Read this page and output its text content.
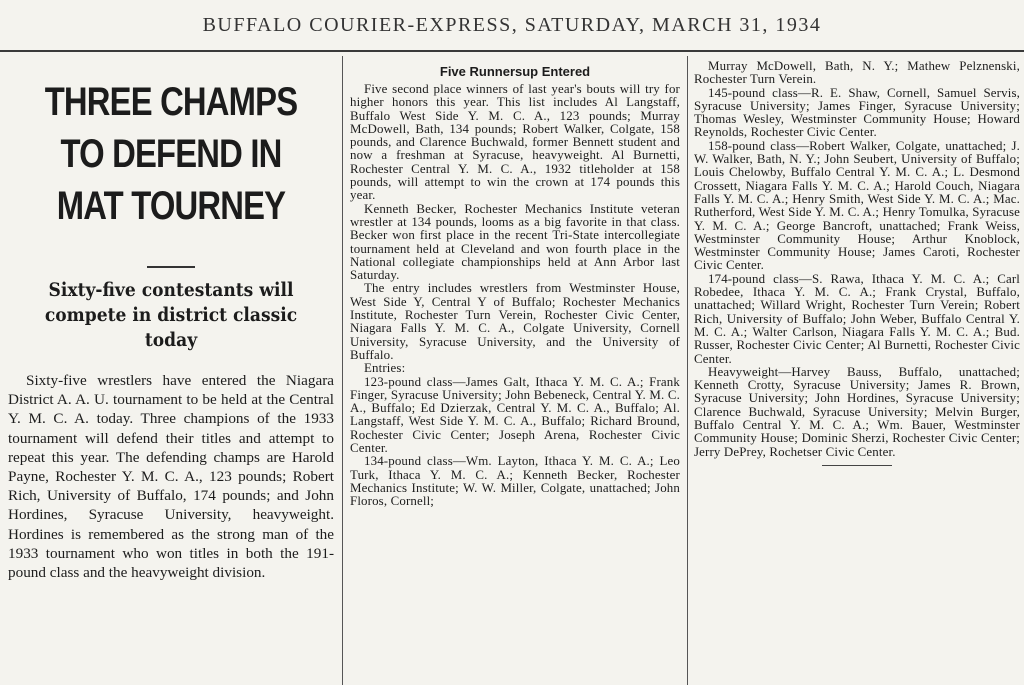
BUFFALO COURIER-EXPRESS, SATURDAY, MARCH 31, 1934
THREE CHAMPS
TO DEFEND IN
MAT TOURNEY
Sixty-five contestants will compete in district classic today

Sixty-five wrestlers have entered the Niagara District A. A. U. tournament to be held at the Central Y. M. C. A. today. Three champions of the 1933 tournament will defend their titles and attempt to repeat this year. The defending champs are Harold Payne, Rochester Y. M. C. A., 123 pounds; Robert Rich, University of Buffalo, 174 pounds; and John Hordines, Syracuse University, heavyweight. Hordines is remembered as the strong man of the 1933 tournament who won titles in both the 191-pound class and the heavyweight division.

Five Runnersup Entered

Five second place winners of last year's bouts will try for higher honors this year. This list includes Al Langstaff, Buffalo West Side Y. M. C. A., 123 pounds; Murray McDowell, Bath, 134 pounds; Robert Walker, Colgate, 158 pounds, and Clarence Buchwald, former Bennett student and now a freshman at Syracuse, heavyweight. Al Burnetti, Rochester Central Y. M. C. A., 1932 titleholder at 158 pounds, will attempt to win the crown at 174 pounds this year.

Kenneth Becker, Rochester Mechanics Institute veteran wrestler at 134 pounds, looms as a big favorite in that class. Becker won first place in the recent Tri-State intercollegiate tournament held at Cleveland and won fourth place in the National collegiate championships held at Ann Arbor last Saturday.

The entry includes wrestlers from Westminster House, West Side Y, Central Y of Buffalo; Rochester Mechanics Institute, Rochester Turn Verein, Rochester Civic Center, Niagara Falls Y. M. C. A., Colgate University, Cornell University, Syracuse University, and the University of Buffalo.

Entries:

123-pound class—James Galt, Ithaca Y. M. C. A.; Frank Finger, Syracuse University; John Bebeneck, Central Y. M. C. A., Buffalo; Ed Dzierzak, Central Y. M. C. A., Buffalo; Al. Langstaff, West Side Y. M. C. A., Buffalo; Richard Bround, Rochester Civic Center; Joseph Arena, Rochester Civic Center.

134-pound class—Wm. Layton, Ithaca Y. M. C. A.; Leo Turk, Ithaca Y. M. C. A.; Kenneth Becker, Rochester Mechanics Institute; W. W. Miller, Colgate, unattached; John Floros, Cornell;

Murray McDowell, Bath, N. Y.; Mathew Pelznenski, Rochester Turn Verein.

145-pound class—R. E. Shaw, Cornell, Samuel Servis, Syracuse University; James Finger, Syracuse University; Thomas Wesley, Westminster Community House; Howard Reynolds, Rochester Civic Center.

158-pound class—Robert Walker, Colgate, unattached; J. W. Walker, Bath, N. Y.; John Seubert, University of Buffalo; Louis Chelowby, Buffalo Central Y. M. C. A.; L. Desmond Crossett, Niagara Falls Y. M. C. A.; Harold Couch, Niagara Falls Y. M. C. A.; Henry Smith, West Side Y. M. C. A.; Mac. Rutherford, West Side Y. M. C. A.; Henry Tomulka, Syracuse Y. M. C. A.; George Bancroft, unattached; Frank Weiss, Westminster Community House; Arthur Knoblock, Westminster Community House; James Caroti, Rochester Civic Center.

174-pound class—S. Rawa, Ithaca Y. M. C. A.; Carl Robedee, Ithaca Y. M. C. A.; Frank Crystal, Buffalo, unattached; Willard Wright, Rochester Turn Verein; Robert Rich, University of Buffalo; John Weber, Buffalo Central Y. M. C. A.; Walter Carlson, Niagara Falls Y. M. C. A.; Bud. Russer, Rochester Civic Center; Al Burnetti, Rochester Civic Center.

Heavyweight—Harvey Bauss, Buffalo, unattached; Kenneth Crotty, Syracuse University; James R. Brown, Syracuse University; John Hordines, Syracuse University; Clarence Buchwald, Syracuse University; Melvin Burger, Buffalo Central Y. M. C. A.; Wm. Bauer, Westminster Community House; Dominic Sherzi, Rochester Civic Center; Jerry DePrey, Rochetser Civic Center.
